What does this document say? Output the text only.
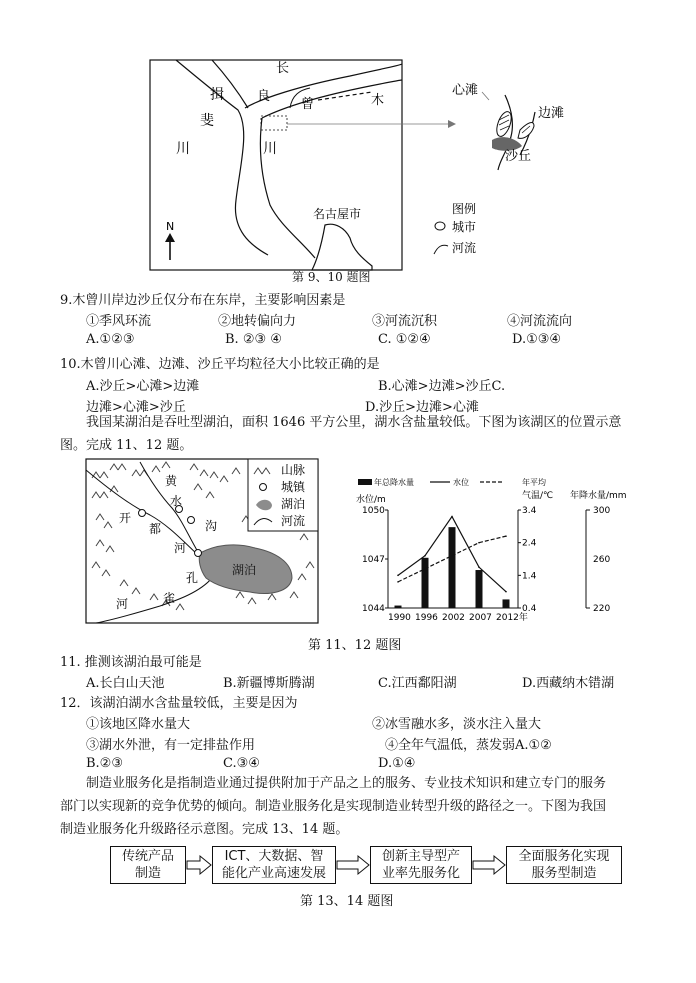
长
良
曾	木
揖
斐
川	川
名古屋市
N
心滩
边滩
沙丘
图例
城市
河流
第 9、10 题图
9.木曾川岸边沙丘仅分布在东岸，主要影响因素是
①季风环流	②地转偏向力	③河流沉积	④河流流向
A.①②③	B. ②③ ④	C. ①②④	D.①③④
10.木曾川心滩、边滩、沙丘平均粒径大小比较正确的是
A.沙丘>心滩>边滩	B.心滩>边滩>沙丘C.
边滩>心滩>沙丘	D.沙丘>边滩>心滩
我国某湖泊是吞吐型湖泊，面积 1646 平方公里，湖水含盐量较低。下图为该湖区的位置示意
图。完成 11、12 题。
黄
水
沟
河
开
都
孔
雀
河
湖泊
山脉
城镇
湖泊
河流
年总降水量	水位	年平均
水位/m	气温/℃ 年降水量/mm
1050
1047
1044
3.4
2.4
1.4
0.4
300
260
220
1990 1996 2002 2007 2012年
第 11、12 题图
11. 推测该湖泊最可能是
A.长白山天池	B.新疆博斯腾湖	C.江西鄱阳湖	D.西藏纳木错湖
12．该湖泊湖水含盐量较低，主要是因为
①该地区降水量大	②冰雪融水多，淡水注入量大
③湖水外泄，有一定排盐作用	④全年气温低，蒸发弱A.①②
B.②③	C.③④	D.①④
制造业服务化是指制造业通过提供附加于产品之上的服务、专业技术知识和建立专门的服务
部门以实现新的竞争优势的倾向。制造业服务化是实现制造业转型升级的路径之一。下图为我国
制造业服务化升级路径示意图。完成 13、14 题。
传统产品
制造
ICT、大数据、智
能化产业高速发展
创新主导型产
业率先服务化
全面服务化实现
服务型制造
第 13、14 题图
